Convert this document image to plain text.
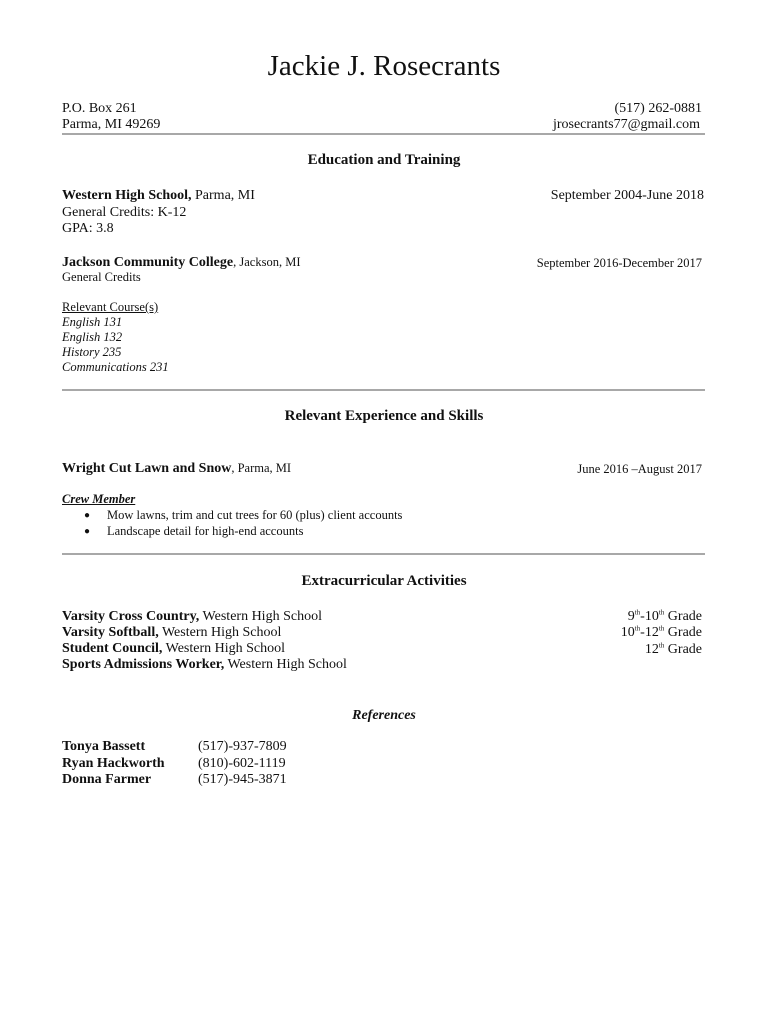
Jackie J. Rosecrants
P.O. Box 261
Parma, MI 49269
(517) 262-0881
jrosecrants77@gmail.com
Education and Training
Western High School, Parma, MI	September 2004-June 2018
General Credits: K-12
GPA: 3.8
Jackson Community College, Jackson, MI	September 2016-December 2017
General Credits
Relevant Course(s)
English 131
English 132
History 235
Communications 231
Relevant Experience and Skills
Wright Cut Lawn and Snow, Parma, MI	June 2016 –August 2017
Crew Member
● Mow lawns, trim and cut trees for 60 (plus) client accounts
● Landscape detail for high-end accounts
Extracurricular Activities
Varsity Cross Country, Western High School	9th-10th Grade
Varsity Softball, Western High School	10th-12th Grade
Student Council, Western High School	12th Grade
Sports Admissions Worker, Western High School
References
Tonya Bassett	(517)-937-7809
Ryan Hackworth (810)-602-1119
Donna Farmer	(517)-945-3871
